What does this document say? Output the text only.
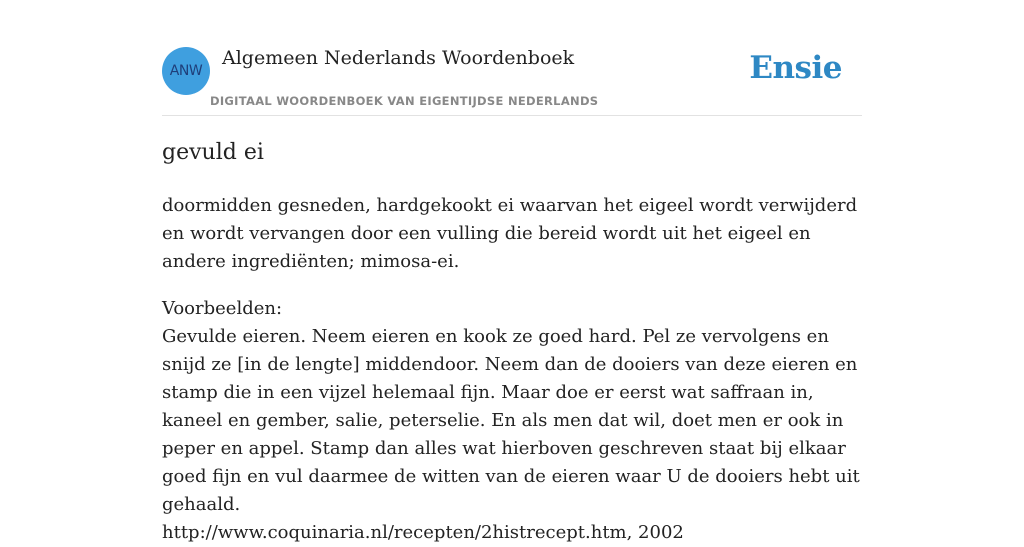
ANW
Algemeen Nederlands Woordenboek
DIGITAAL WOORDENBOEK VAN EIGENTIJDSE NEDERLANDS
Ensie
gevuld ei
doormidden gesneden, hardgekookt ei waarvan het eigeel wordt verwijderd en wordt vervangen door een vulling die bereid wordt uit het eigeel en andere ingrediënten; mimosa-ei.

Voorbeelden:

Gevulde eieren. Neem eieren en kook ze goed hard. Pel ze vervolgens en snijd ze [in de lengte] middendoor. Neem dan de dooiers van deze eieren en stamp die in een vijzel helemaal fijn. Maar doe er eerst wat saffraan in, kaneel en gember, salie, peterselie. En als men dat wil, doet men er ook in peper en appel. Stamp dan alles wat hierboven geschreven staat bij elkaar goed fijn en vul daarmee de witten van de eieren waar U de dooiers hebt uit gehaald.

http://www.coquinaria.nl/recepten/2histrecept.htm, 2002
